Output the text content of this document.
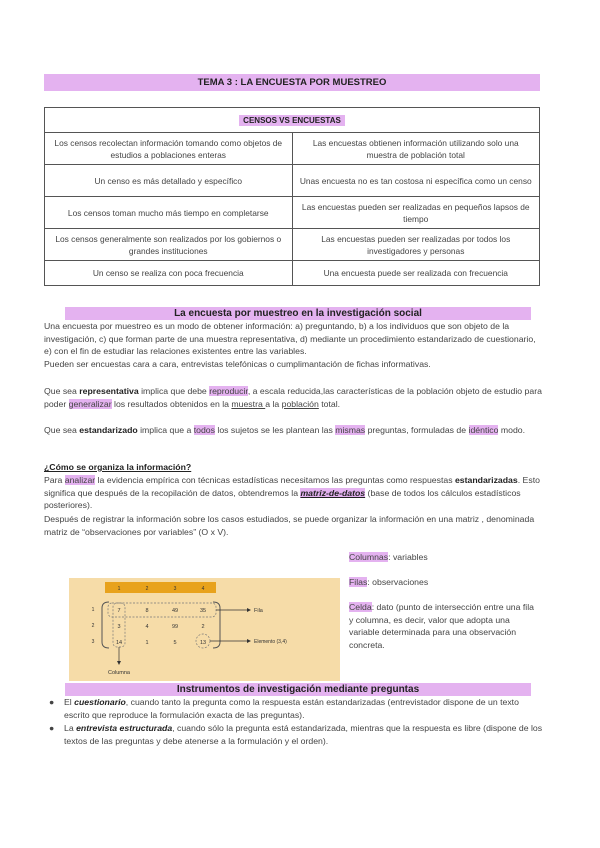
TEMA 3 : LA ENCUESTA POR MUESTREO
CENSOS VS ENCUESTAS	
Los censos recolectan información tomando como objetos de estudios a poblaciones enteras	Las encuestas obtienen información utilizando solo una muestra de población total
Un censo es más detallado y específico	Unas encuesta no es tan costosa ni específica como un censo
Los censos toman mucho más tiempo en completarse	Las encuestas pueden ser realizadas en pequeños lapsos de tiempo
Los censos generalmente son realizados por los gobiernos o grandes instituciones	Las encuestas pueden ser realizadas por todos los investigadores y personas
Un censo se realiza con poca frecuencia	Una encuesta puede ser realizada con frecuencia
La encuesta por muestreo en la investigación social
Una encuesta por muestreo es un modo de obtener información: a) preguntando, b) a los individuos que son objeto de la investigación, c) que forman parte de una muestra representativa, d) mediante un procedimiento estandarizado de cuestionario, e) con el fin de estudiar las relaciones existentes entre las variables.
Pueden ser encuestas cara a cara, entrevistas telefónicas o cumplimantación de fichas informativas.
Que sea representativa implica que debe reproducir, a escala reducida,las características de la población objeto de estudio para poder generalizar los resultados obtenidos en la muestra a la población total.
Que sea estandarizado implica que a todos los sujetos se les plantean las mismas preguntas, formuladas de idéntico modo.
¿Cómo se organiza la información?
Para analizar la evidencia empírica con técnicas estadísticas necesitamos las preguntas como respuestas estandarizadas. Esto significa que después de la recopilación de datos, obtendremos la matriz-de-datos (base de todos los cálculos estadísticos posteriores).
Después de registrar la información sobre los casos estudiados, se puede organizar la información en una matriz , denominada matriz de “observaciones por variables” (O x V).
1	2	3	4
1
2
3
7	8	49	35
3	4	99	2
14	1	5	13
Fila
Elemento (3,4)
Columna
Columnas: variables
Filas: observaciones
Celda: dato (punto de intersección entre una fila y columna, es decir, valor que adopta una variable determinada para una observación concreta.
Instrumentos de investigación mediante preguntas
● El cuestionario, cuando tanto la pregunta como la respuesta están estandarizadas (entrevistador dispone de un texto escrito que reproduce la formulación exacta de las preguntas).
● La entrevista estructurada, cuando sólo la pregunta está estandarizada, mientras que la respuesta es libre (dispone de los textos de las preguntas y debe atenerse a la formulación y el orden).
